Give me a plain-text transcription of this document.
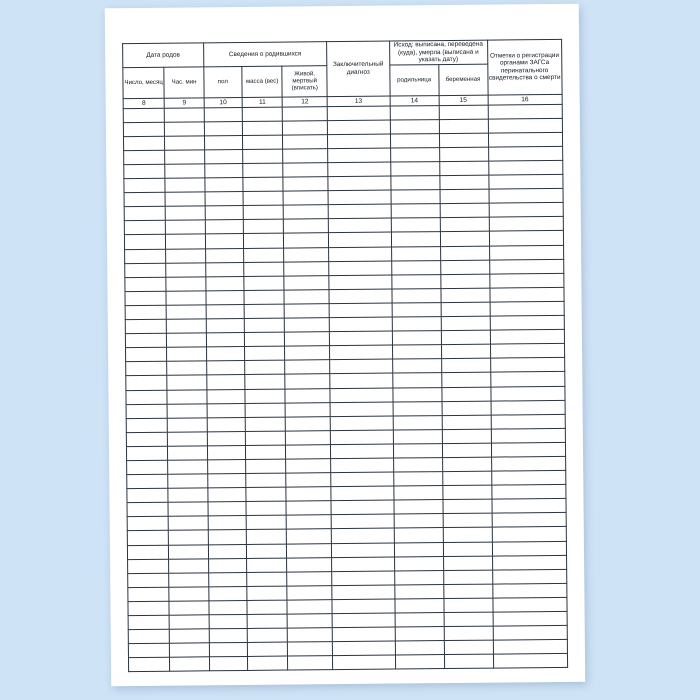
Дата родов		Сведения о родившихся			Заключительный диагноз	Исход: выписана, переведена (куда), умерла (выписана и указать дату)		Отметки о регистрации органами ЗАГСа перинатального свидетельства о смерти
Число, месяц	Час. мин	пол	масса (вес)	Живой, мертвый (вписать)		родильница	беременная	
8	9	10	11	12	13	14	15	16
